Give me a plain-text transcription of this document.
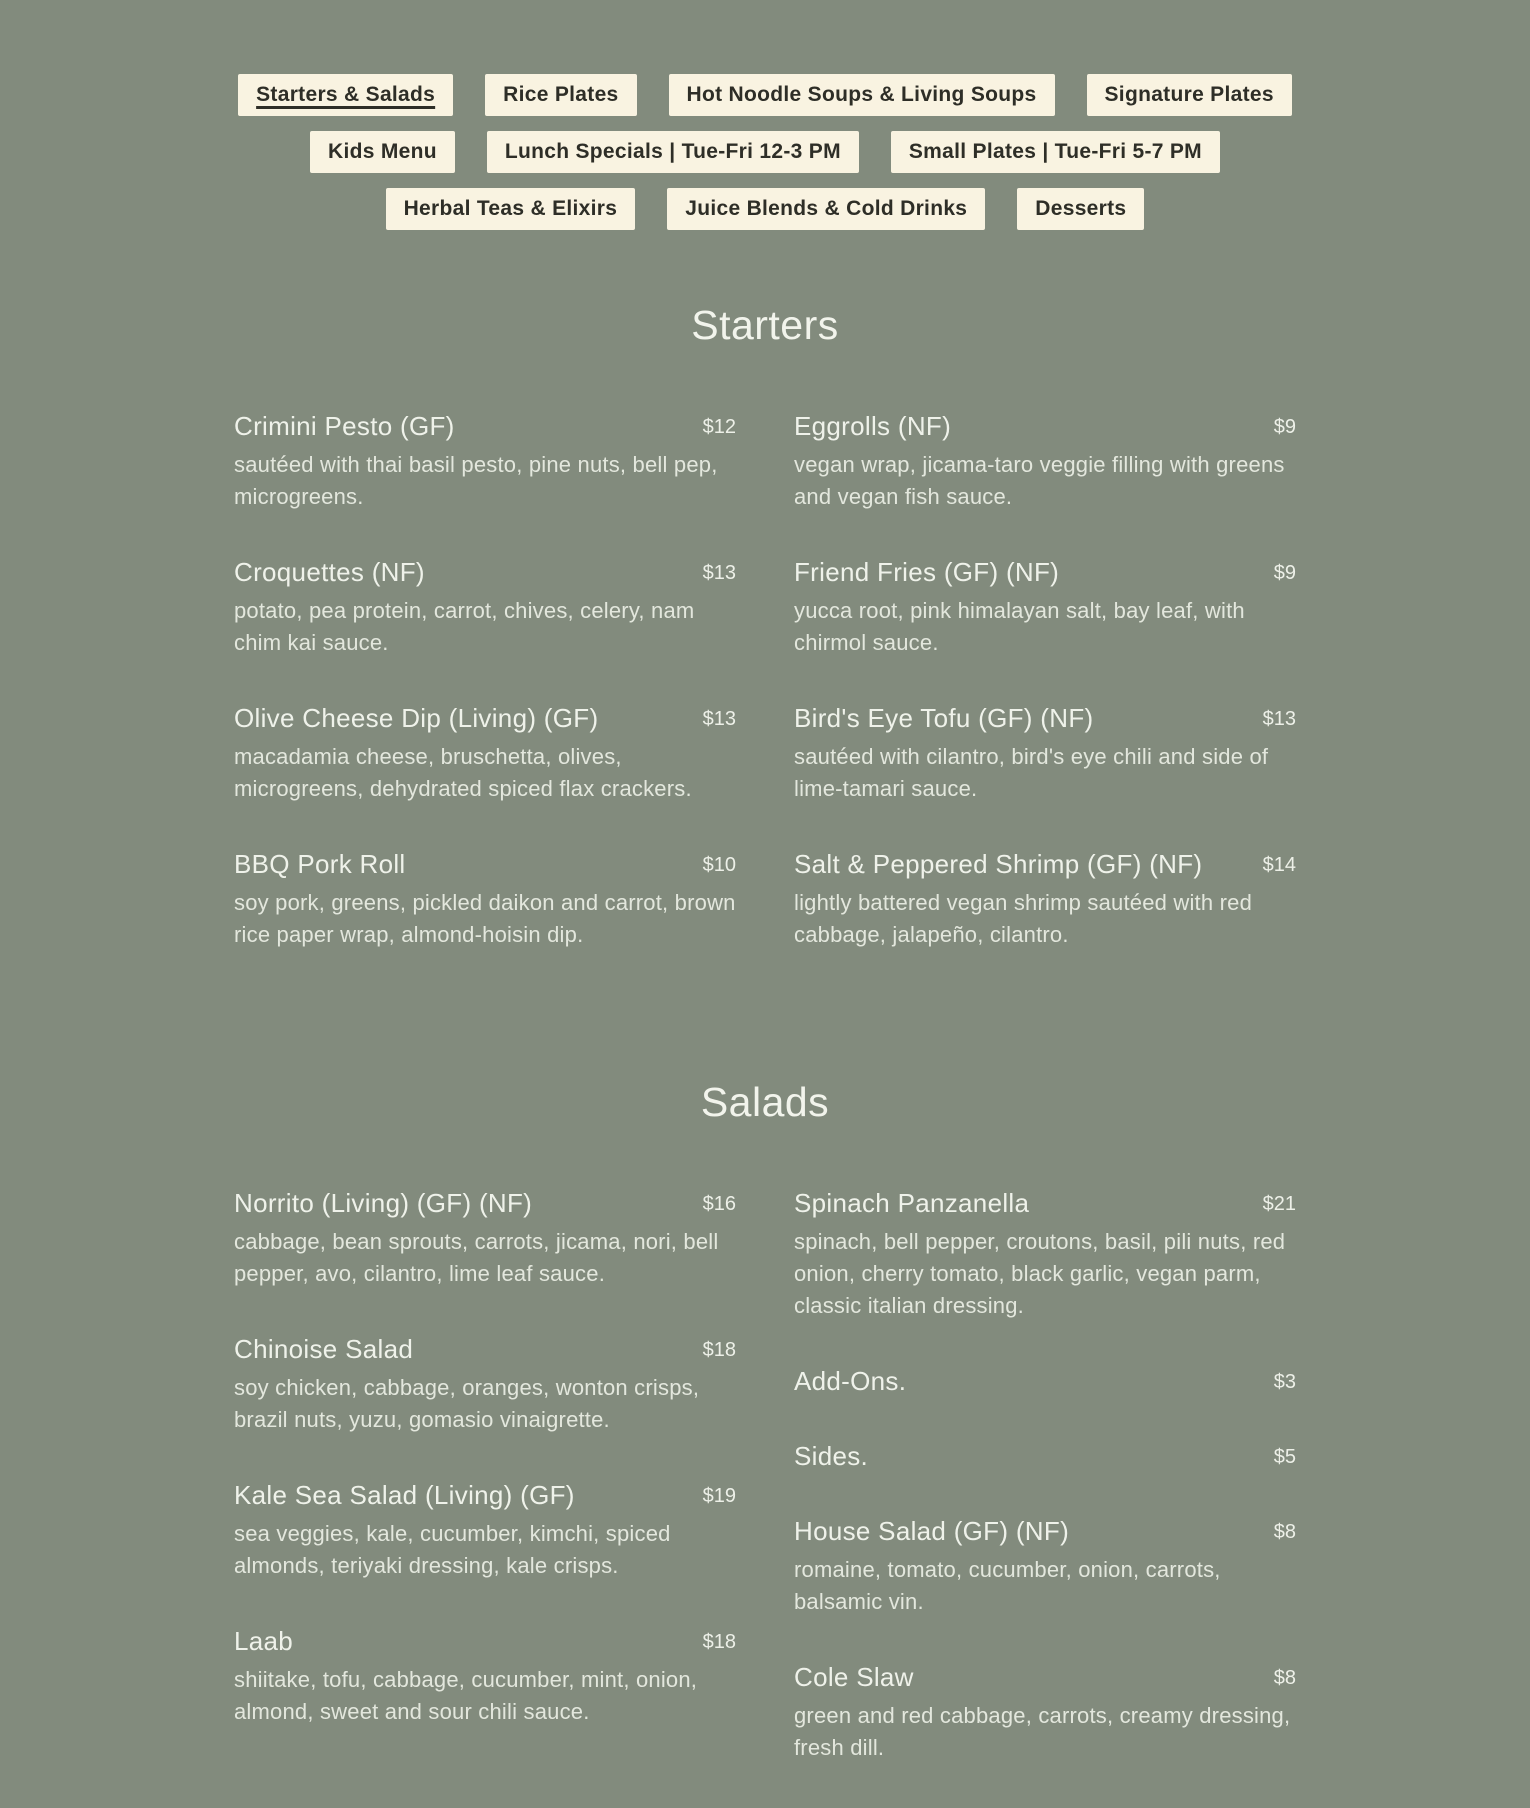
Starters & Salads	Rice Plates	Hot Noodle Soups & Living Soups	Signature Plates
Kids Menu	Lunch Specials | Tue-Fri 12-3 PM	Small Plates | Tue-Fri 5-7 PM
Herbal Teas & Elixirs	Juice Blends & Cold Drinks	Desserts
Starters
Crimini Pesto (GF)	$12

sautéed with thai basil pesto, pine nuts, bell pep, microgreens.

Croquettes (NF)	$13

potato, pea protein, carrot, chives, celery, nam chim kai sauce.

Olive Cheese Dip (Living) (GF)	$13

macadamia cheese, bruschetta, olives, microgreens, dehydrated spiced flax crackers.

BBQ Pork Roll	$10

soy pork, greens, pickled daikon and carrot, brown rice paper wrap, almond-hoisin dip.

Eggrolls (NF)	$9

vegan wrap, jicama-taro veggie filling with greens and vegan fish sauce.

Friend Fries (GF) (NF)	$9

yucca root, pink himalayan salt, bay leaf, with chirmol sauce.

Bird's Eye Tofu (GF) (NF)	$13

sautéed with cilantro, bird's eye chili and side of lime-tamari sauce.

Salt & Peppered Shrimp (GF) (NF)	$14

lightly battered vegan shrimp sautéed with red cabbage, jalapeño, cilantro.

Salads
Norrito (Living) (GF) (NF)	$16

cabbage, bean sprouts, carrots, jicama, nori, bell pepper, avo, cilantro, lime leaf sauce.

Chinoise Salad	$18

soy chicken, cabbage, oranges, wonton crisps, brazil nuts, yuzu, gomasio vinaigrette.

Kale Sea Salad (Living) (GF)	$19

sea veggies, kale, cucumber, kimchi, spiced almonds, teriyaki dressing, kale crisps.

Laab	$18

shiitake, tofu, cabbage, cucumber, mint, onion, almond, sweet and sour chili sauce.

Spinach Panzanella	$21

spinach, bell pepper, croutons, basil, pili nuts, red onion, cherry tomato, black garlic, vegan parm, classic italian dressing.

Add-Ons.	$3
Sides.	$5
House Salad (GF) (NF)	$8

romaine, tomato, cucumber, onion, carrots, balsamic vin.

Cole Slaw	$8

green and red cabbage, carrots, creamy dressing, fresh dill.
